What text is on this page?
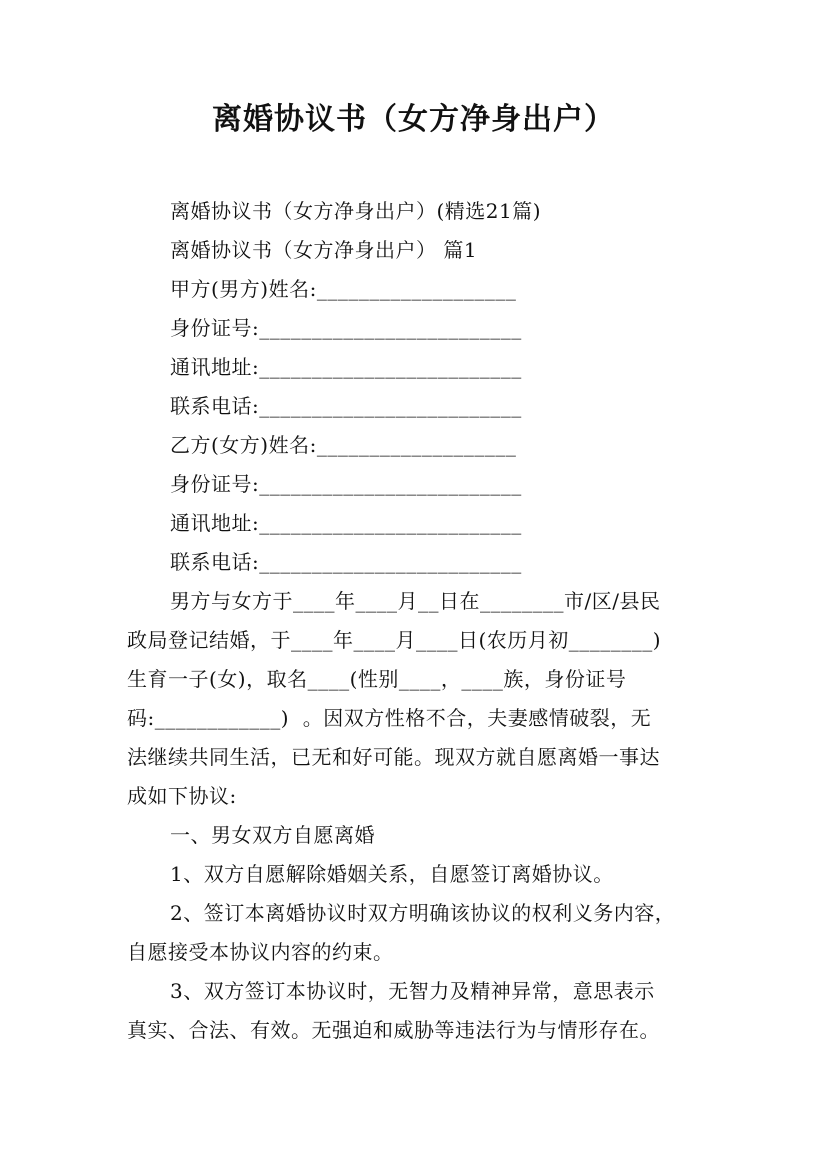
离婚协议书（女方净身出户）
离婚协议书（女方净身出户）(精选21篇)
离婚协议书（女方净身出户） 篇1
甲方(男方)姓名:___________________
身份证号:_________________________
通讯地址:_________________________
联系电话:_________________________
乙方(女方)姓名:___________________
身份证号:_________________________
通讯地址:_________________________
联系电话:_________________________
男方与女方于____年____月__日在________市/区/县民
政局登记结婚，于____年____月____日(农历月初________)
生育一子(女)，取名____(性别____，____族，身份证号
码:____________)  。因双方性格不合，夫妻感情破裂，无
法继续共同生活，已无和好可能。现双方就自愿离婚一事达
成如下协议:
一、男女双方自愿离婚
1、双方自愿解除婚姻关系，自愿签订离婚协议。
2、签订本离婚协议时双方明确该协议的权利义务内容，
自愿接受本协议内容的约束。
3、双方签订本协议时，无智力及精神异常，意思表示
真实、合法、有效。无强迫和威胁等违法行为与情形存在。
